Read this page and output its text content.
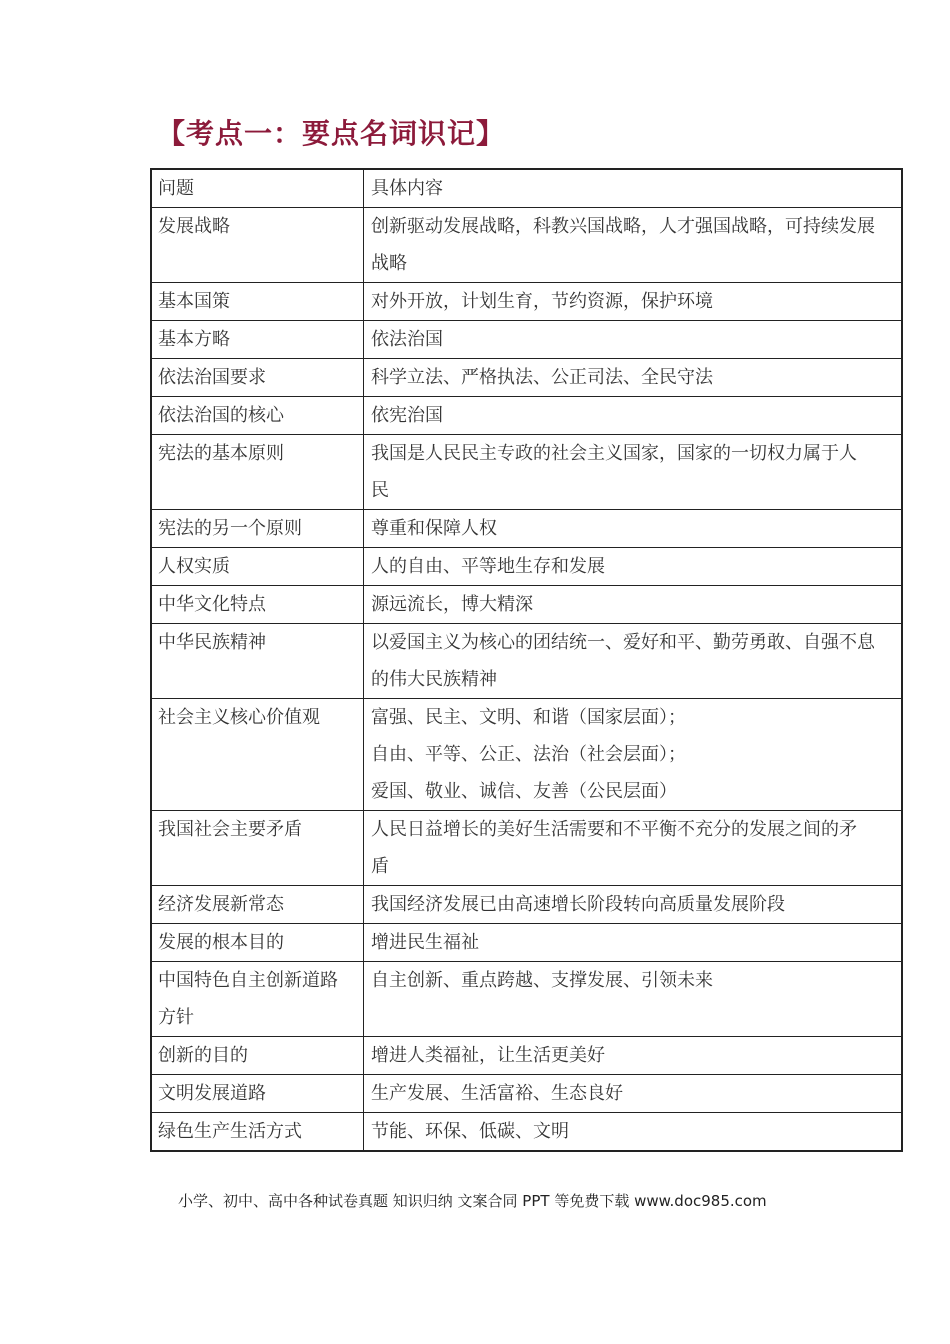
【考点一：要点名词识记】
问题	具体内容

发展战略	创新驱动发展战略，科教兴国战略，人才强国战略，可持续发展
战略

基本国策	对外开放，计划生育，节约资源，保护环境

基本方略	依法治国

依法治国要求	科学立法、严格执法、公正司法、全民守法

依法治国的核心	依宪治国

宪法的基本原则	我国是人民民主专政的社会主义国家，国家的一切权力属于人
民

宪法的另一个原则	尊重和保障人权

人权实质	人的自由、平等地生存和发展

中华文化特点	源远流长，博大精深

中华民族精神	以爱国主义为核心的团结统一、爱好和平、勤劳勇敢、自强不息
的伟大民族精神

社会主义核心价值观	富强、民主、文明、和谐（国家层面）；
自由、平等、公正、法治（社会层面）；
爱国、敬业、诚信、友善（公民层面）

我国社会主要矛盾	人民日益增长的美好生活需要和不平衡不充分的发展之间的矛
盾

经济发展新常态	我国经济发展已由高速增长阶段转向高质量发展阶段

发展的根本目的	增进民生福祉

中国特色自主创新道路
方针	自主创新、重点跨越、支撑发展、引领未来

创新的目的	增进人类福祉，让生活更美好

文明发展道路	生产发展、生活富裕、生态良好

绿色生产生活方式	节能、环保、低碳、文明
小学、初中、高中各种试卷真题 知识归纳 文案合同 PPT 等免费下载 www.doc985.com
